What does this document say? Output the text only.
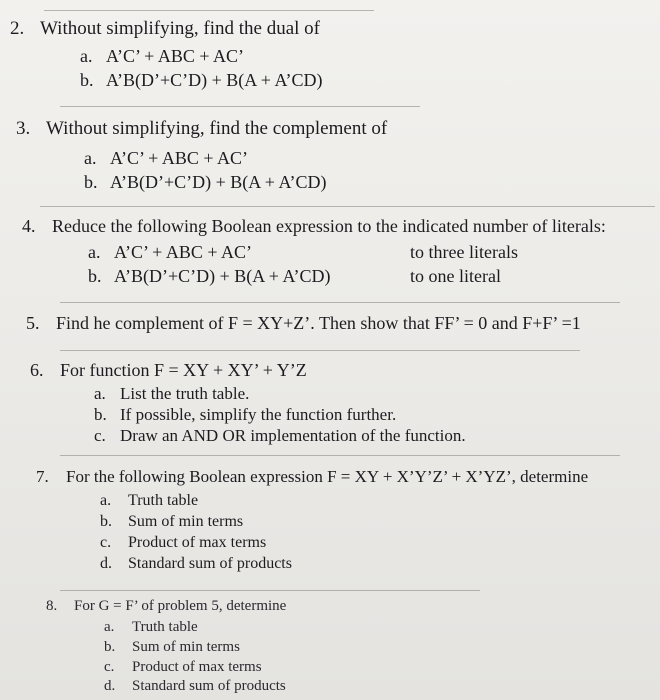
2. Without simplifying, find the dual of
a. A’C’ + ABC + AC’
b. A’B(D’+C’D) + B(A + A’CD)
3. Without simplifying, find the complement of
a. A’C’ + ABC + AC’
b. A’B(D’+C’D) + B(A + A’CD)
4. Reduce the following Boolean expression to the indicated number of literals:
a. A’C’ + ABC + AC’	to three literals
b. A’B(D’+C’D) + B(A + A’CD)	to one literal
5. Find he complement of F = XY+Z’. Then show that FF’ = 0 and F+F’ =1
6. For function F = XY + XY’ + Y’Z
a. List the truth table.
b. If possible, simplify the function further.
c. Draw an AND OR implementation of the function.
7. For the following Boolean expression F = XY + X’Y’Z’ + X’YZ’, determine
a. Truth table
b. Sum of min terms
c. Product of max terms
d. Standard sum of products
8. For G = F’ of problem 5, determine
a. Truth table
b. Sum of min terms
c. Product of max terms
d. Standard sum of products
